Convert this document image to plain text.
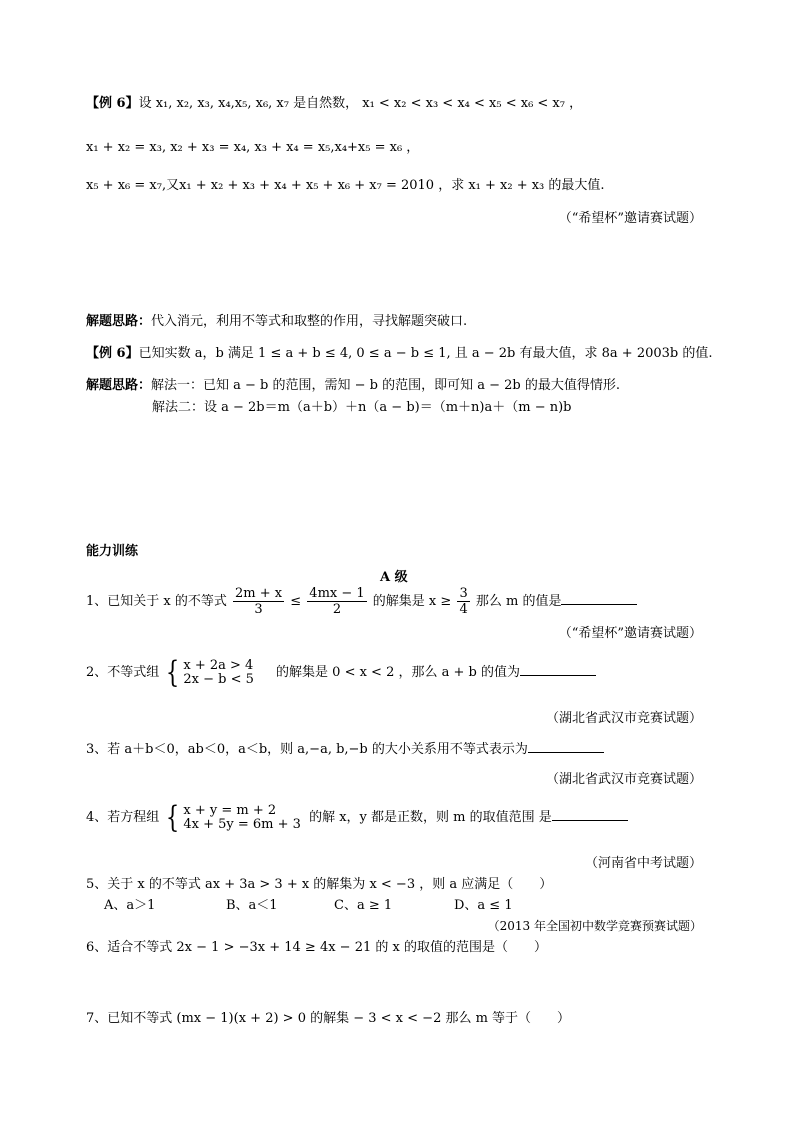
【例 6】设 x₁, x₂, x₃, x₄,x₅, x₆, x₇ 是自然数， x₁ < x₂ < x₃ < x₄ < x₅ < x₆ < x₇ ，
x₁ + x₂ = x₃, x₂ + x₃ = x₄, x₃ + x₄ = x₅,x₄+x₅ = x₆ ，
x₅ + x₆ = x₇,又x₁ + x₂ + x₃ + x₄ + x₅ + x₆ + x₇ = 2010 ，求 x₁ + x₂ + x₃ 的最大值.
（“希望杯”邀请赛试题）
解题思路：代入消元，利用不等式和取整的作用，寻找解题突破口.
【例 6】已知实数 a，b 满足 1 ≤ a + b ≤ 4, 0 ≤ a − b ≤ 1, 且 a − 2b 有最大值，求 8a + 2003b 的值.
解题思路：解法一：已知 a − b 的范围，需知 − b 的范围，即可知 a − 2b 的最大值得情形.
解法二：设 a − 2b＝m（a＋b）＋n（a − b)＝（m＋n)a＋（m − n)b
能力训练
A 级
1、已知关于 x 的不等式 $\frac{2m + x}{3} \le \frac{4mx - 1}{2}$ 的解集是 $x \ge \frac{3}{4}$ 那么 m 的值是
（“希望杯”邀请赛试题）
2、不等式组 { x + 2a > 4
2x − b < 5 的解集是 0 < x < 2 ，那么 a + b 的值为
（湖北省武汉市竞赛试题）
3、若 a＋b＜0，ab＜0，a＜b，则 a,−a, b,−b 的大小关系用不等式表示为
（湖北省武汉市竞赛试题）
4、若方程组 { x + y = m + 2
4x + 5y = 6m + 3 的解 x，y 都是正数，则 m 的取值范围 是
（河南省中考试题）
5、关于 x 的不等式 ax + 3a > 3 + x 的解集为 x < −3 ，则 a 应满足（　　）
A、a＞1	B、a＜1	C、a ≥ 1	D、a ≤ 1
（2013 年全国初中数学竞赛预赛试题）
6、适合不等式 2x − 1 > −3x + 14 ≥ 4x − 21 的 x 的取值的范围是（　　）
7、已知不等式 (mx − 1)(x + 2) > 0 的解集 − 3 < x < −2 那么 m 等于（　　）
